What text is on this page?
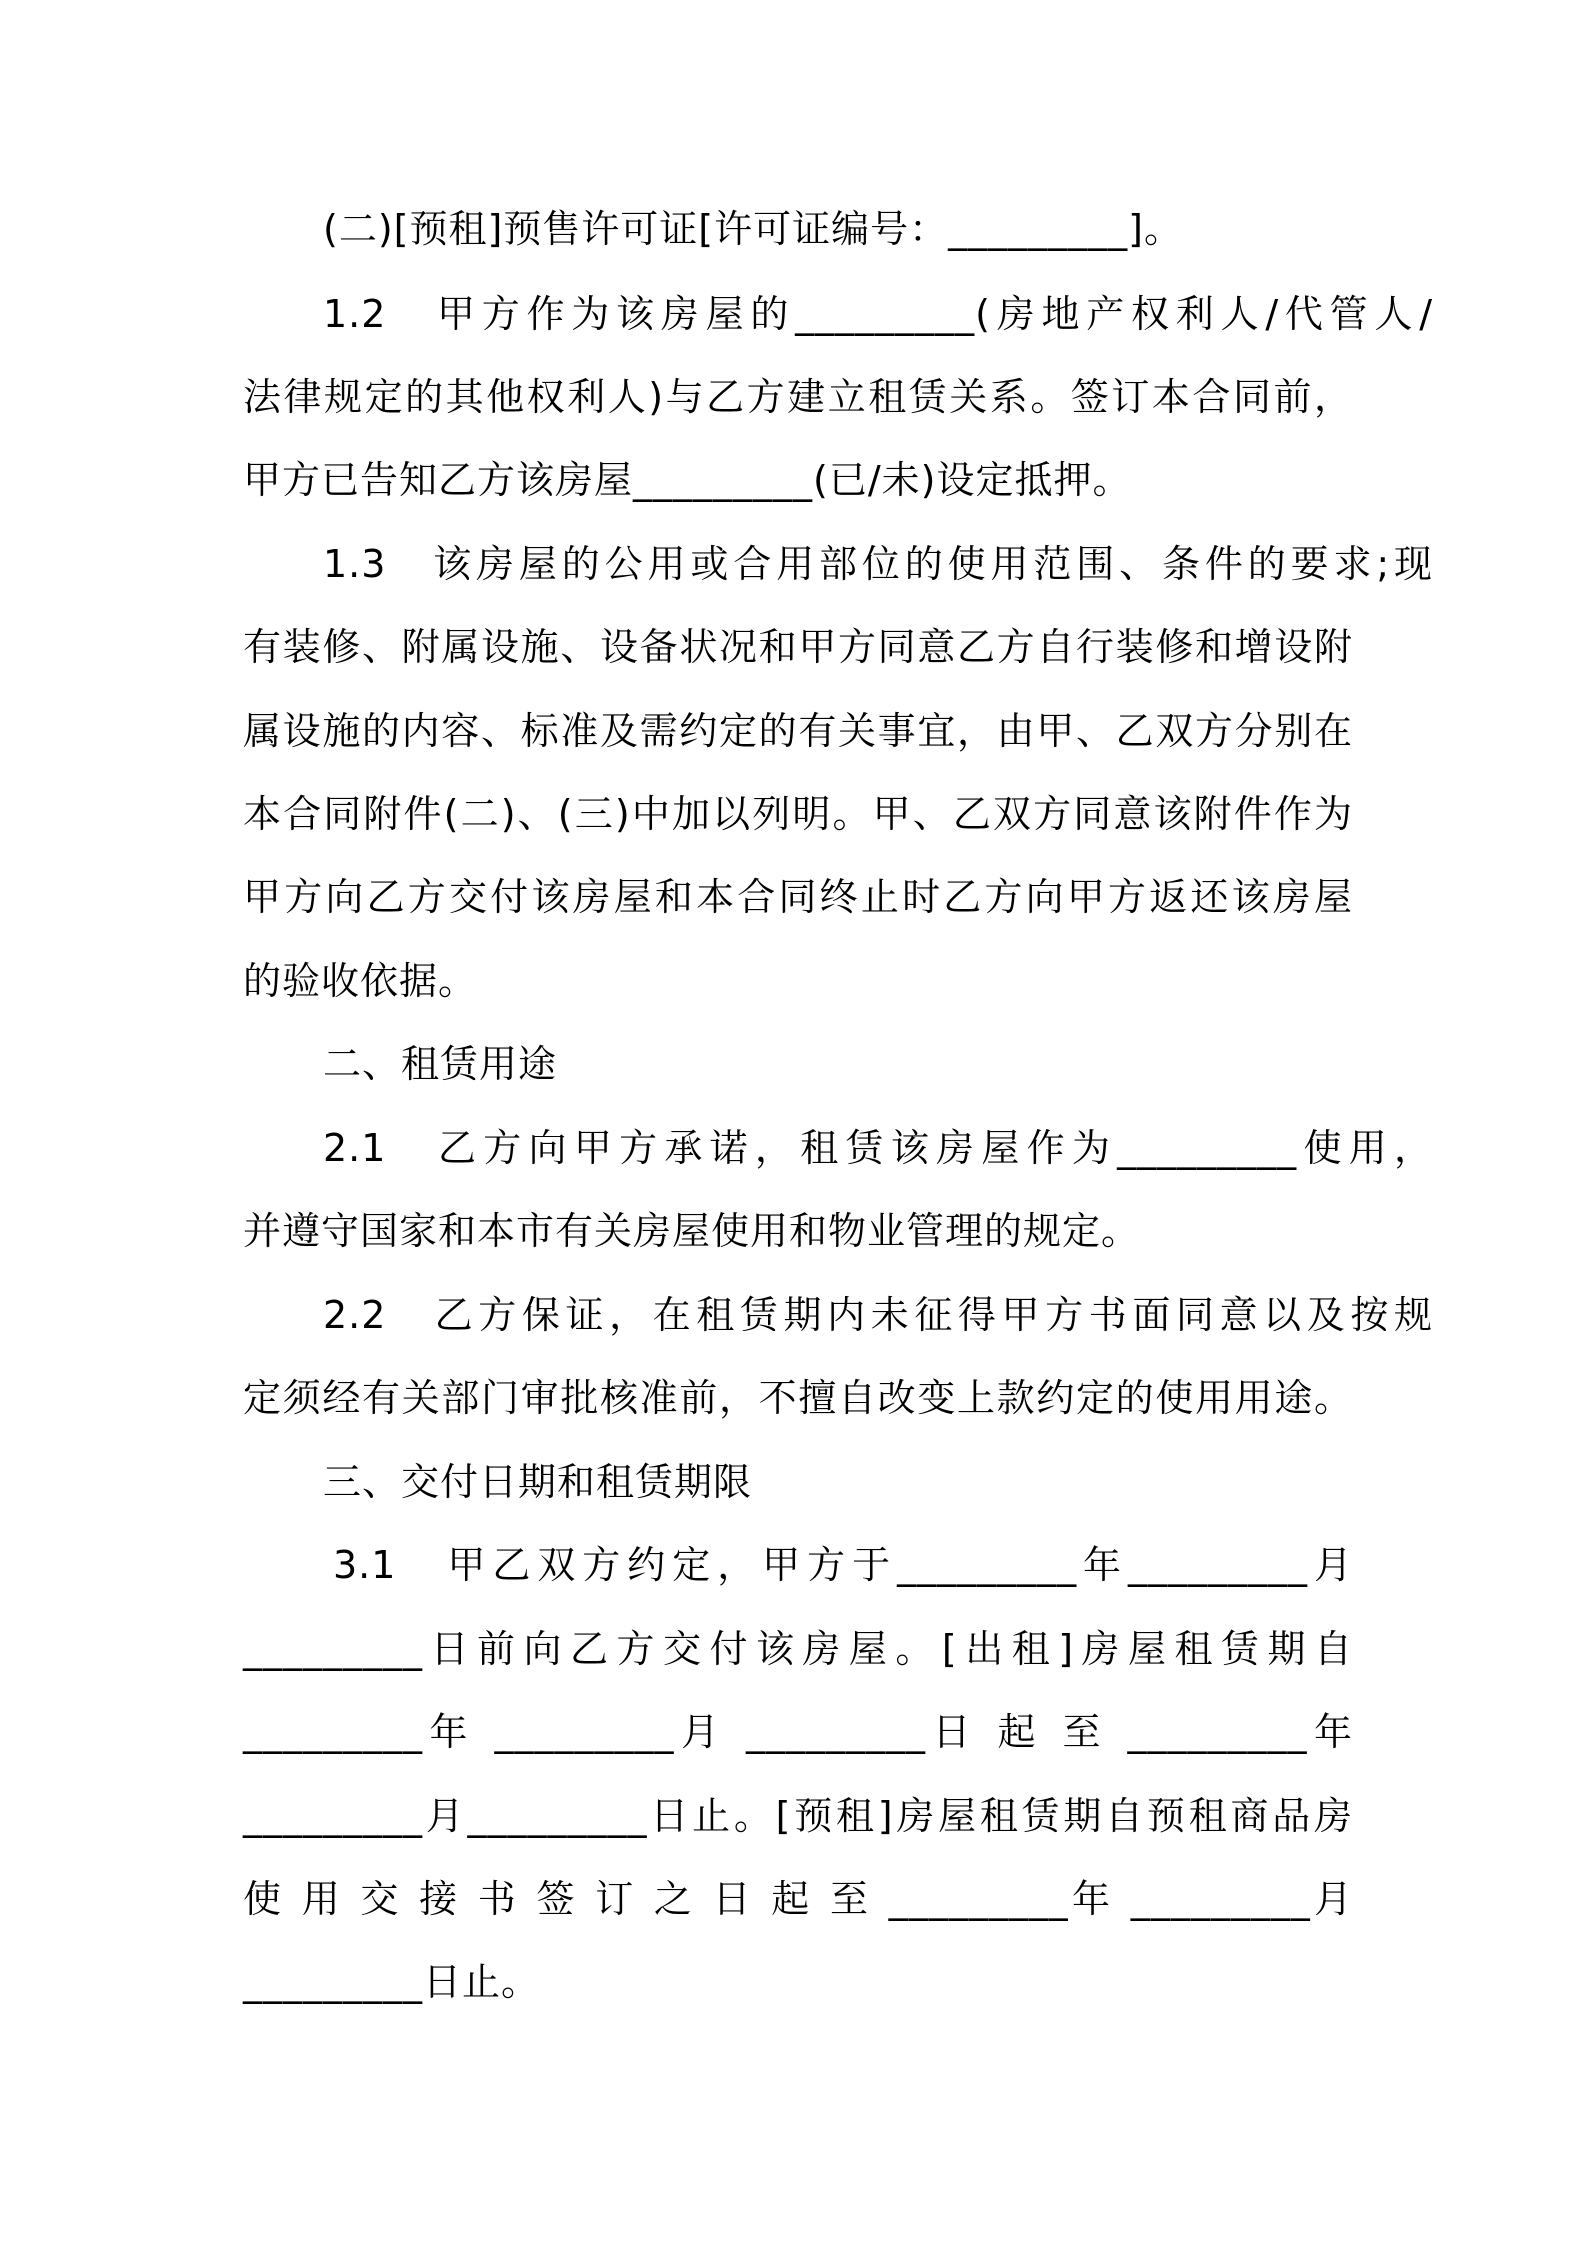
(二)[预租]预售许可证[许可证编号：_________]。
1.2　甲方作为该房屋的_________(房地产权利人/代管人/
法律规定的其他权利人)与乙方建立租赁关系。签订本合同前，
甲方已告知乙方该房屋_________(已/未)设定抵押。
1.3　该房屋的公用或合用部位的使用范围、条件的要求;现
有装修、附属设施、设备状况和甲方同意乙方自行装修和增设附
属设施的内容、标准及需约定的有关事宜，由甲、乙双方分别在
本合同附件(二)、(三)中加以列明。甲、乙双方同意该附件作为
甲方向乙方交付该房屋和本合同终止时乙方向甲方返还该房屋
的验收依据。
二、租赁用途
2.1　乙方向甲方承诺，租赁该房屋作为_________使用，
并遵守国家和本市有关房屋使用和物业管理的规定。
2.2　乙方保证，在租赁期内未征得甲方书面同意以及按规
定须经有关部门审批核准前，不擅自改变上款约定的使用用途。
三、交付日期和租赁期限
3.1　甲乙双方约定，甲方于_________年_________月
_________日前向乙方交付该房屋。[出租]房屋租赁期自
_________年 _________月 _________日 起 至 _________年
_________月_________日止。[预租]房屋租赁期自预租商品房
使 用 交 接 书 签 订 之 日 起 至 _________年 _________月
_________日止。
